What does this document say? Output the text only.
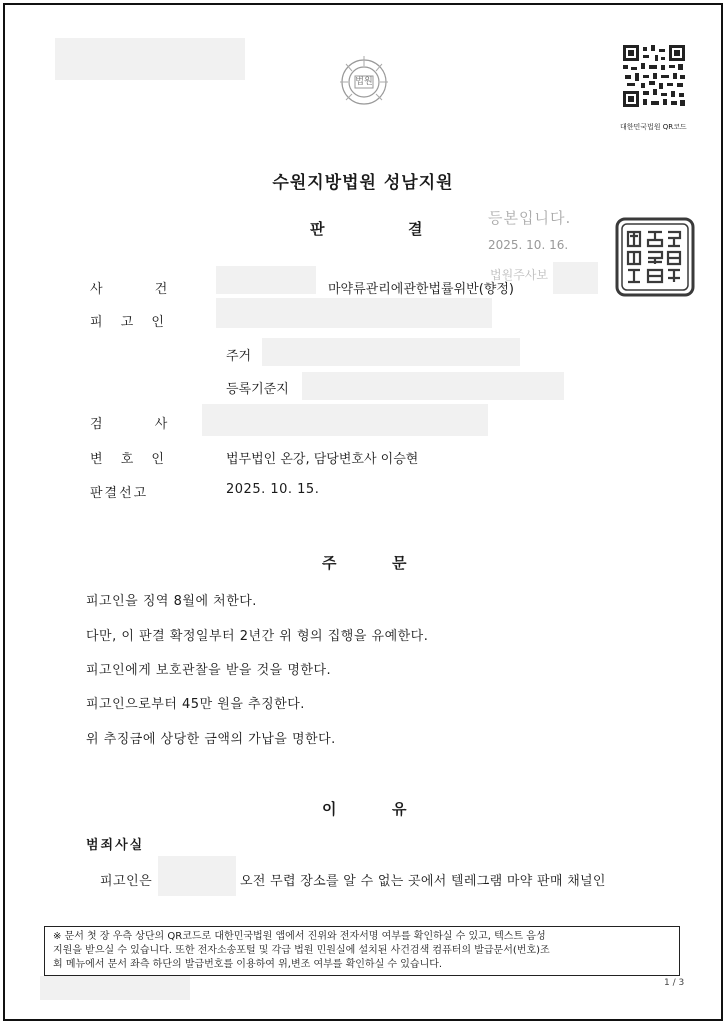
법원
대한민국법원 QR코드
수원지방법원 성남지원
판	결
등본입니다.
2025. 10. 16.
법원주사보
사 건	마약류관리에관한법률위반(향정)
피 고 인
주거
등록기준지
검 사
변 호 인	법무법인 온강, 담당변호사 이승현
판결선고	2025. 10. 15.
주	문
피고인을 징역 8월에 처한다.
다만, 이 판결 확정일부터 2년간 위 형의 집행을 유예한다.
피고인에게 보호관찰을 받을 것을 명한다.
피고인으로부터 45만 원을 추징한다.
위 추징금에 상당한 금액의 가납을 명한다.
이	유
범죄사실
피고인은	오전 무렵 장소를 알 수 없는 곳에서 텔레그램 마약 판매 채널인
※ 문서 첫 장 우측 상단의 QR코드로 대한민국법원 앱에서 진위와 전자서명 여부를 확인하실 수 있고, 텍스트 음성
지원을 받으실 수 있습니다. 또한 전자소송포털 및 각급 법원 민원실에 설치된 사건검색 컴퓨터의 발급문서(번호)조
회 메뉴에서 문서 좌측 하단의 발급번호를 이용하여 위,변조 여부를 확인하실 수 있습니다.
1 / 3
